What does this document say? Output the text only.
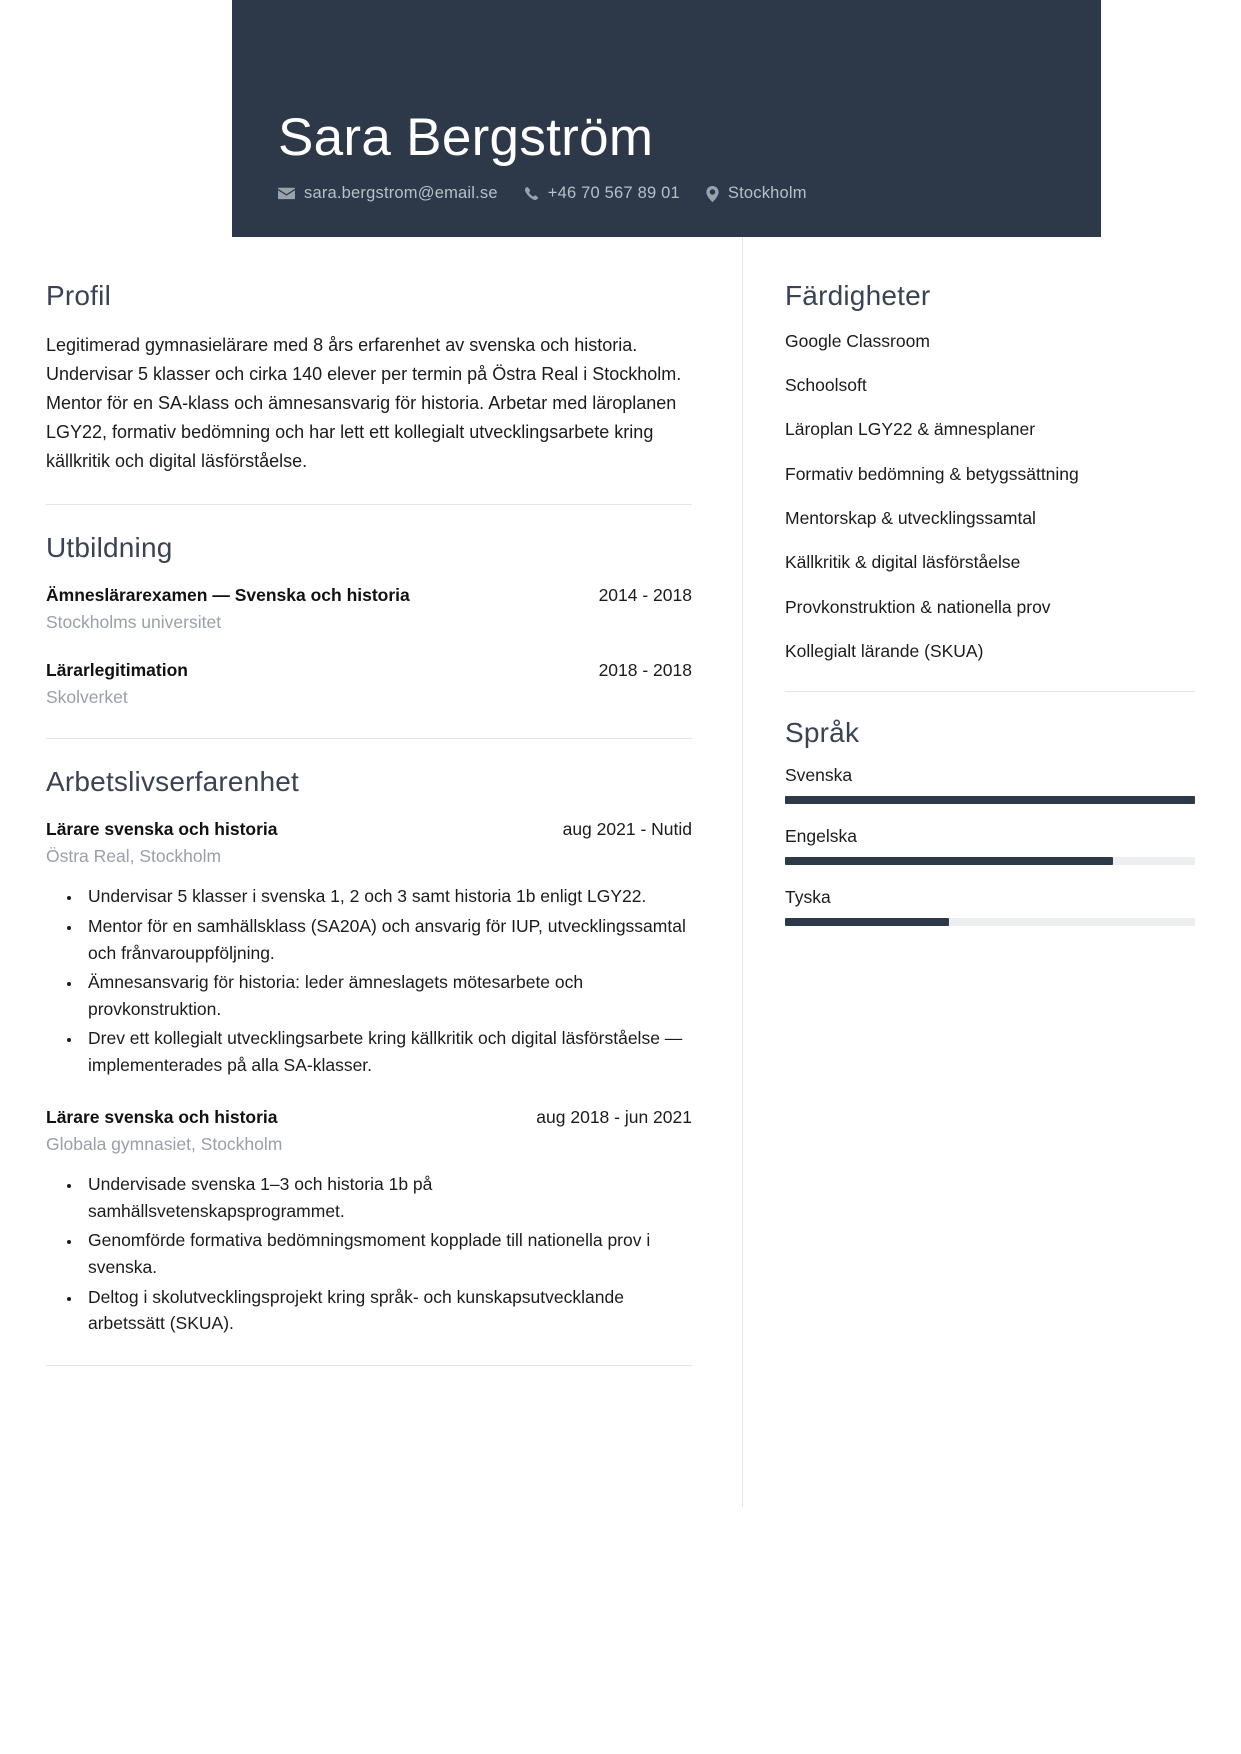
Sara Bergström
sara.bergstrom@email.se	+46 70 567 89 01	Stockholm
Profil

Legitimerad gymnasielärare med 8 års erfarenhet av svenska och historia. Undervisar 5 klasser och cirka 140 elever per termin på Östra Real i Stockholm. Mentor för en SA-klass och ämnesansvarig för historia. Arbetar med läroplanen LGY22, formativ bedömning och har lett ett kollegialt utvecklingsarbete kring källkritik och digital läsförståelse.

Utbildning
Ämneslärarexamen — Svenska och historia	2014 - 2018
Stockholms universitet
Lärarlegitimation	2018 - 2018
Skolverket
Arbetslivserfarenhet
Lärare svenska och historia	aug 2021 - Nutid
Östra Real, Stockholm
• Undervisar 5 klasser i svenska 1, 2 och 3 samt historia 1b enligt LGY22.
• Mentor för en samhällsklass (SA20A) och ansvarig för IUP, utvecklingssamtal och frånvarouppföljning.
• Ämnesansvarig för historia: leder ämneslagets mötesarbete och provkonstruktion.
• Drev ett kollegialt utvecklingsarbete kring källkritik och digital läsförståelse — implementerades på alla SA-klasser.
Lärare svenska och historia	aug 2018 - jun 2021
Globala gymnasiet, Stockholm
• Undervisade svenska 1–3 och historia 1b på samhällsvetenskapsprogrammet.
• Genomförde formativa bedömningsmoment kopplade till nationella prov i svenska.
• Deltog i skolutvecklingsprojekt kring språk- och kunskapsutvecklande arbetssätt (SKUA).
Färdigheter
Google Classroom
Schoolsoft
Läroplan LGY22 & ämnesplaner
Formativ bedömning & betygssättning
Mentorskap & utvecklingssamtal
Källkritik & digital läsförståelse
Provkonstruktion & nationella prov
Kollegialt lärande (SKUA)
Språk
Svenska
Engelska
Tyska
